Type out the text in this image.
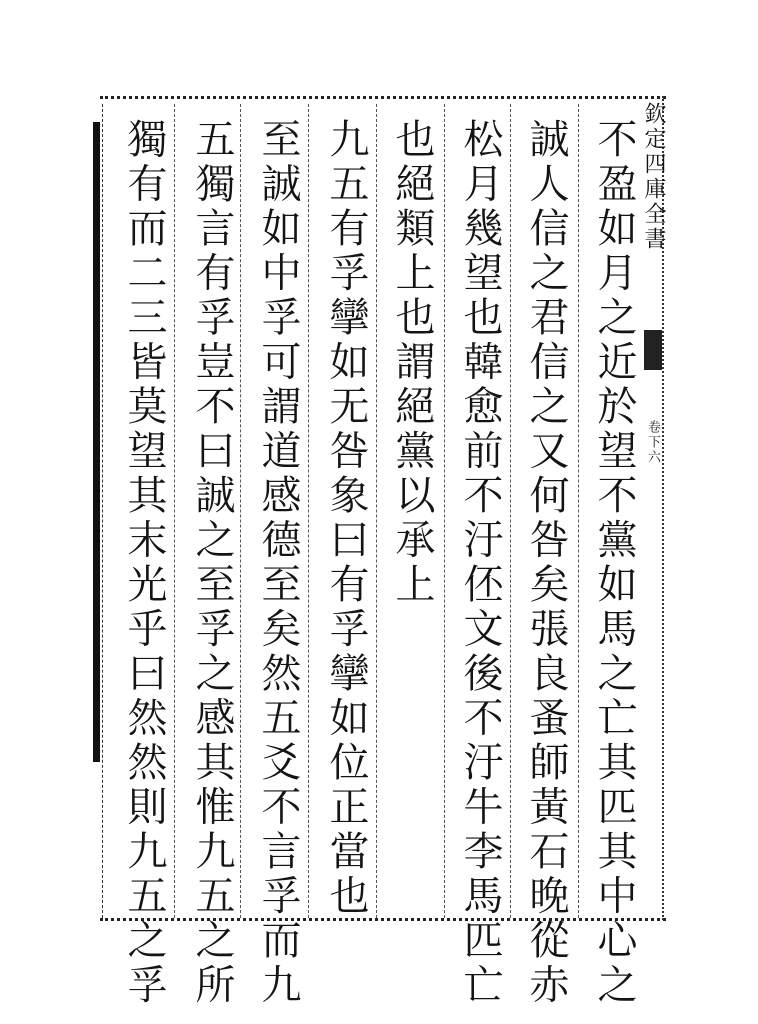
欽定四庫全書
卷下六
不盈如月之近於望不黨如馬之亡其匹其中心之
誠人信之君信之又何咎矣張良蚤師黃石晚從赤
松月幾望也韓愈前不汙伾文後不汙牛李馬匹亡
也絕類上也謂絕黨以承上
九五有孚攣如无咎象曰有孚攣如位正當也
至誠如中孚可謂道感德至矣然五爻不言孚而九
五獨言有孚豈不曰誠之至孚之感其惟九五之所
獨有而二三皆莫望其末光乎曰然然則九五之孚
